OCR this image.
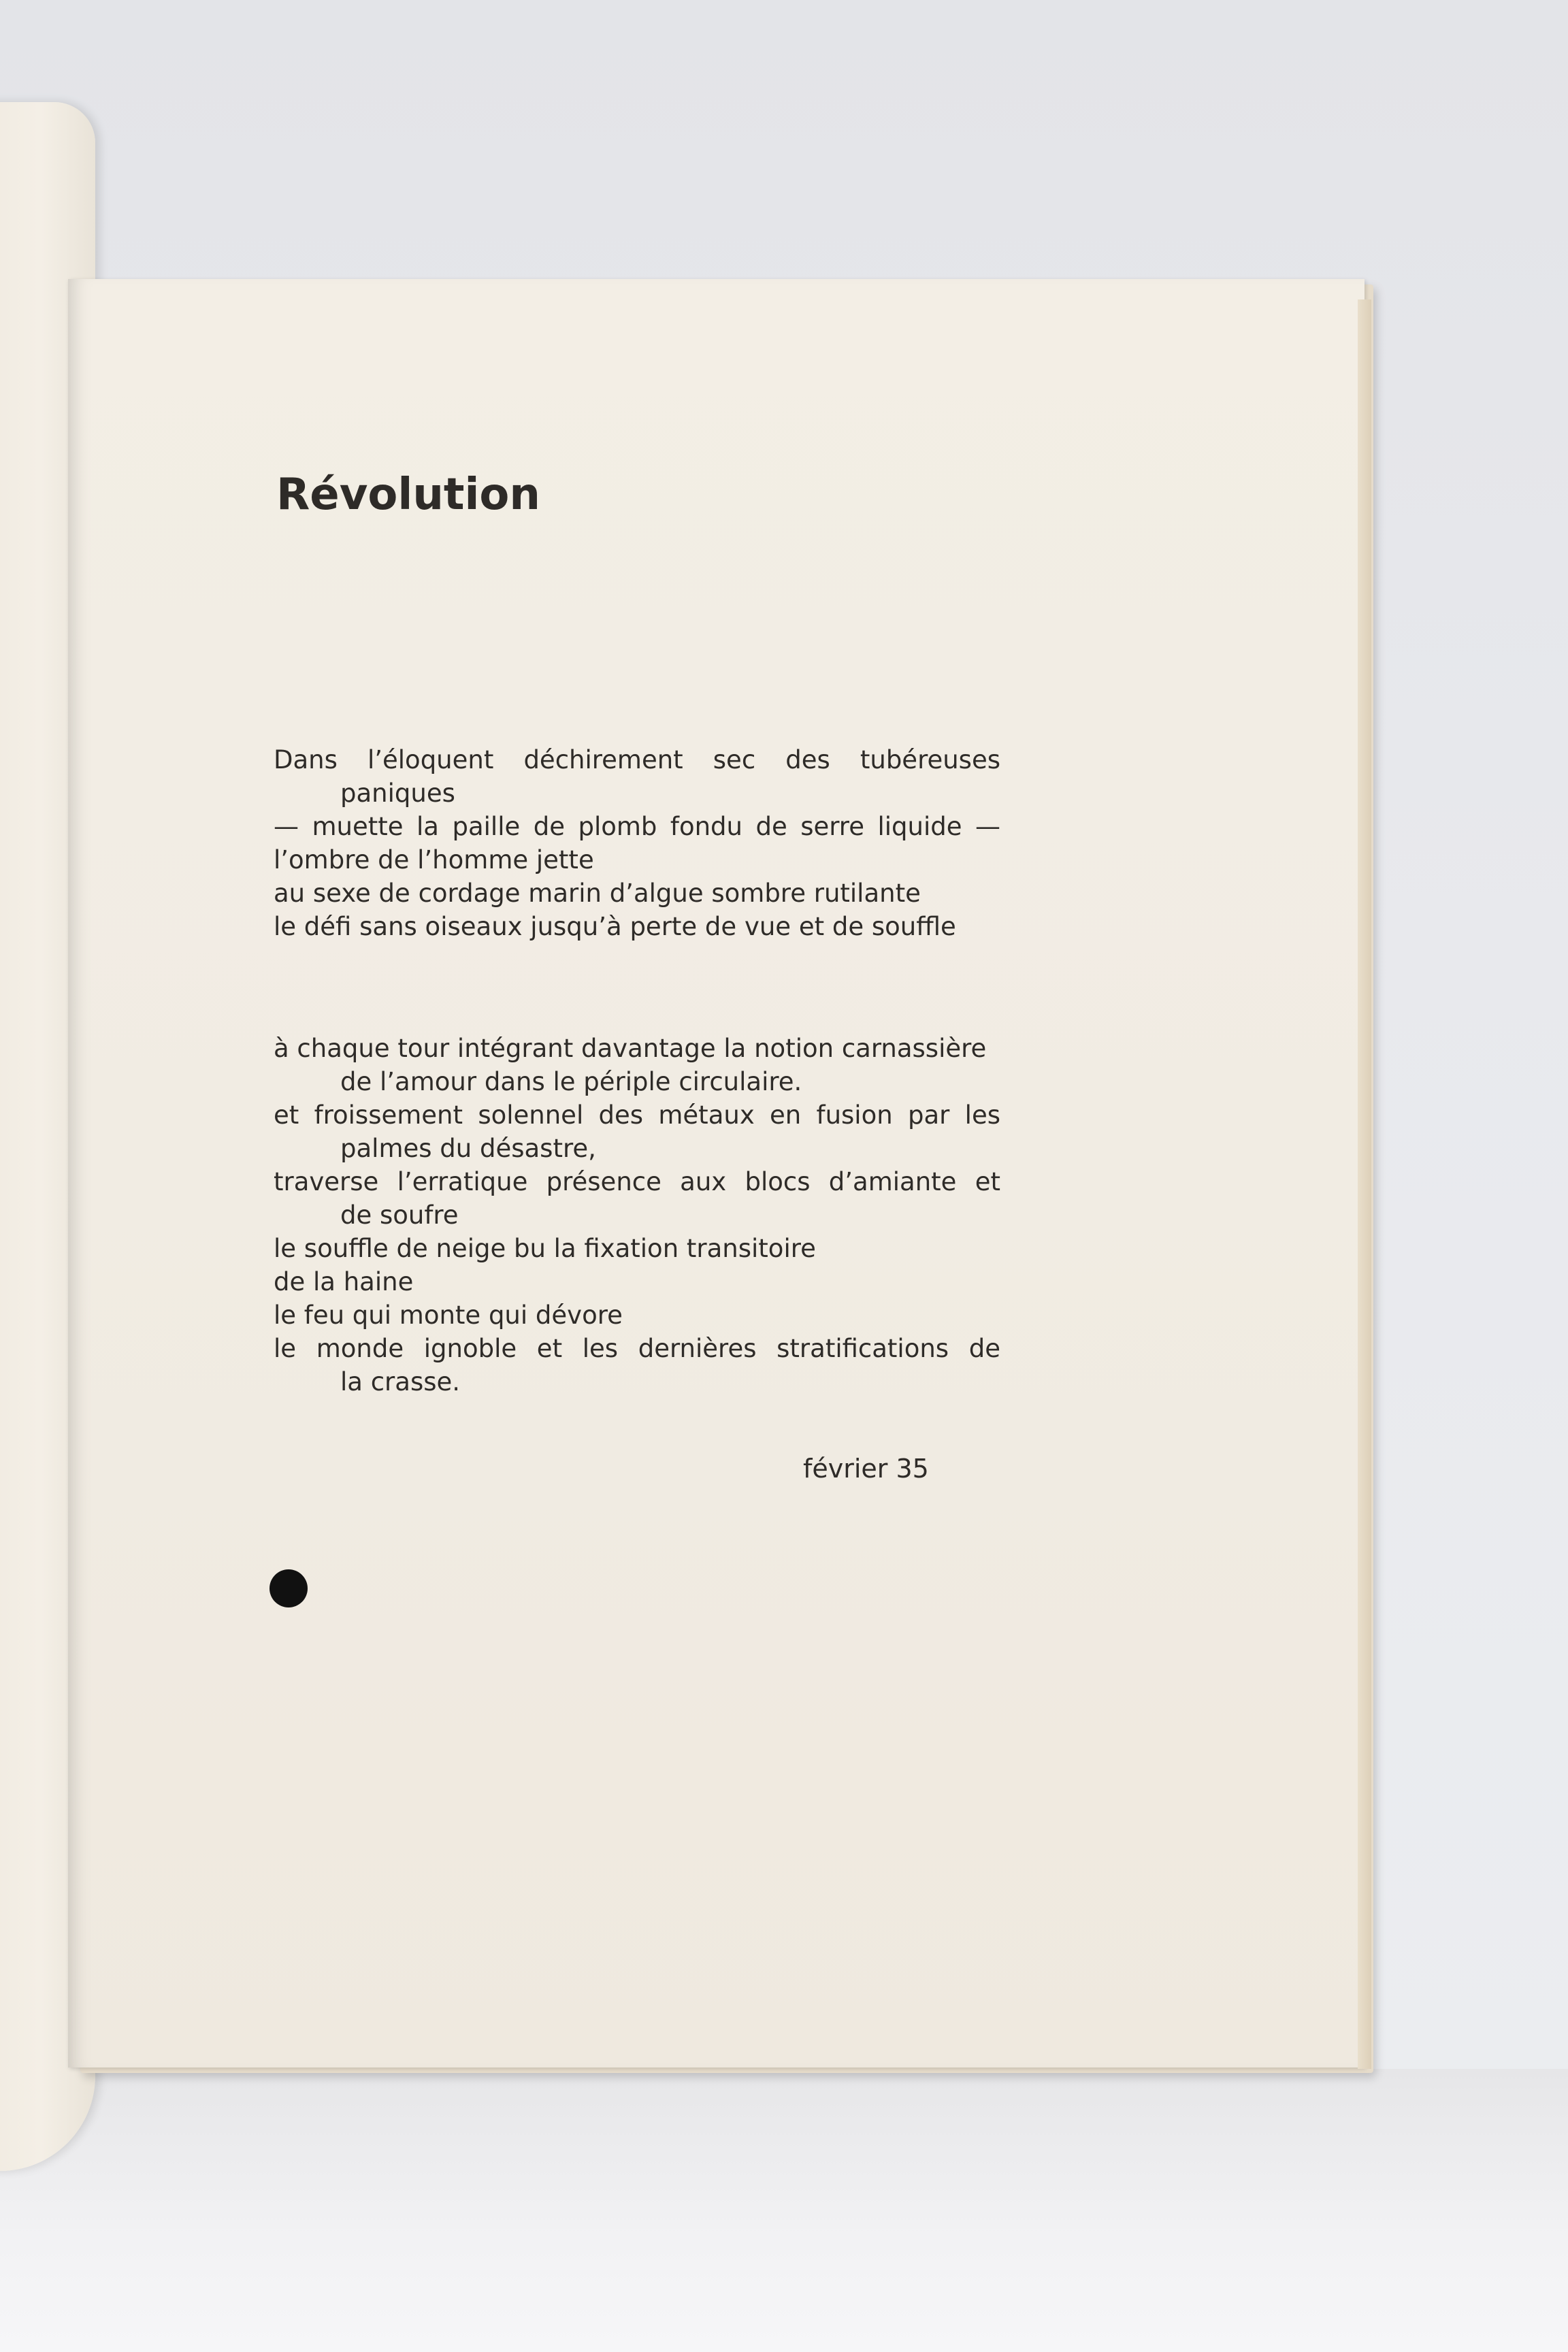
Révolution
Dans l’éloquent déchirement sec des tubéreuses
paniques
— muette la paille de plomb fondu de serre liquide —
l’ombre de l’homme jette
au sexe de cordage marin d’algue sombre rutilante
le défi sans oiseaux jusqu’à perte de vue et de souffle
à chaque tour intégrant davantage la notion carnassière
de l’amour dans le périple circulaire.
et froissement solennel des métaux en fusion par les
palmes du désastre,
traverse l’erratique présence aux blocs d’amiante et
de soufre
le souffle de neige bu la fixation transitoire
de la haine
le feu qui monte qui dévore
le monde ignoble et les dernières stratifications de
la crasse.
février 35
